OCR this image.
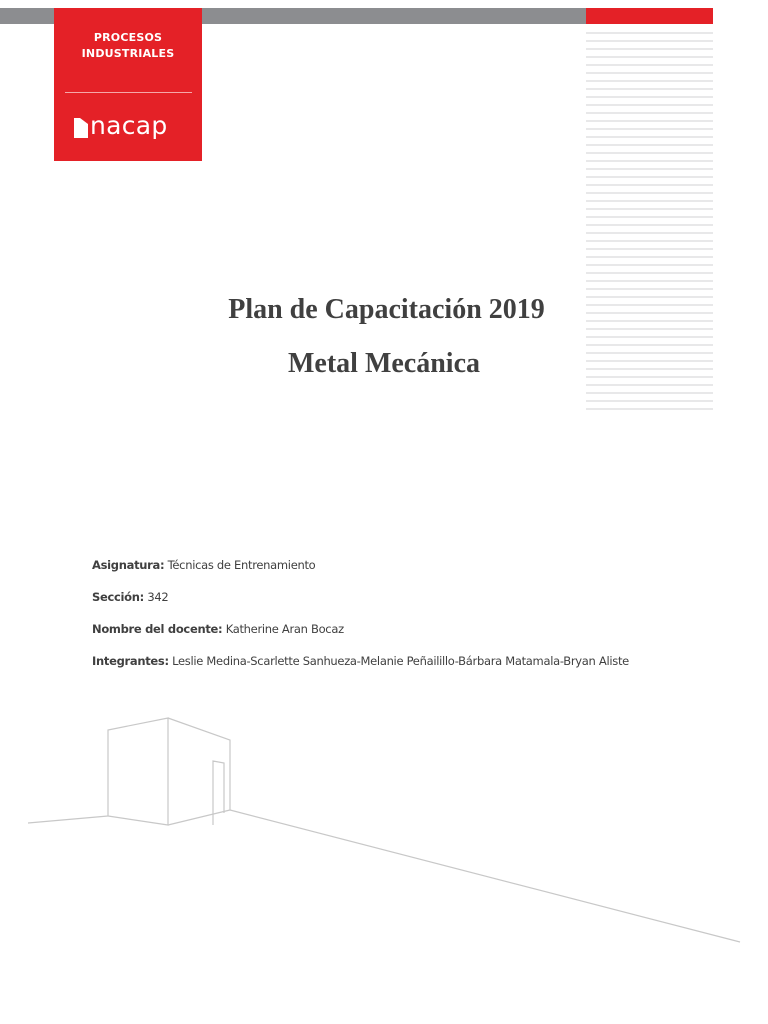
PROCESOS
INDUSTRIALES
nacap
Plan de Capacitación 2019
Metal Mecánica
Asignatura: Técnicas de Entrenamiento
Sección: 342
Nombre del docente: Katherine Aran Bocaz
Integrantes: Leslie Medina-Scarlette Sanhueza-Melanie Peñailillo-Bárbara Matamala-Bryan Aliste
